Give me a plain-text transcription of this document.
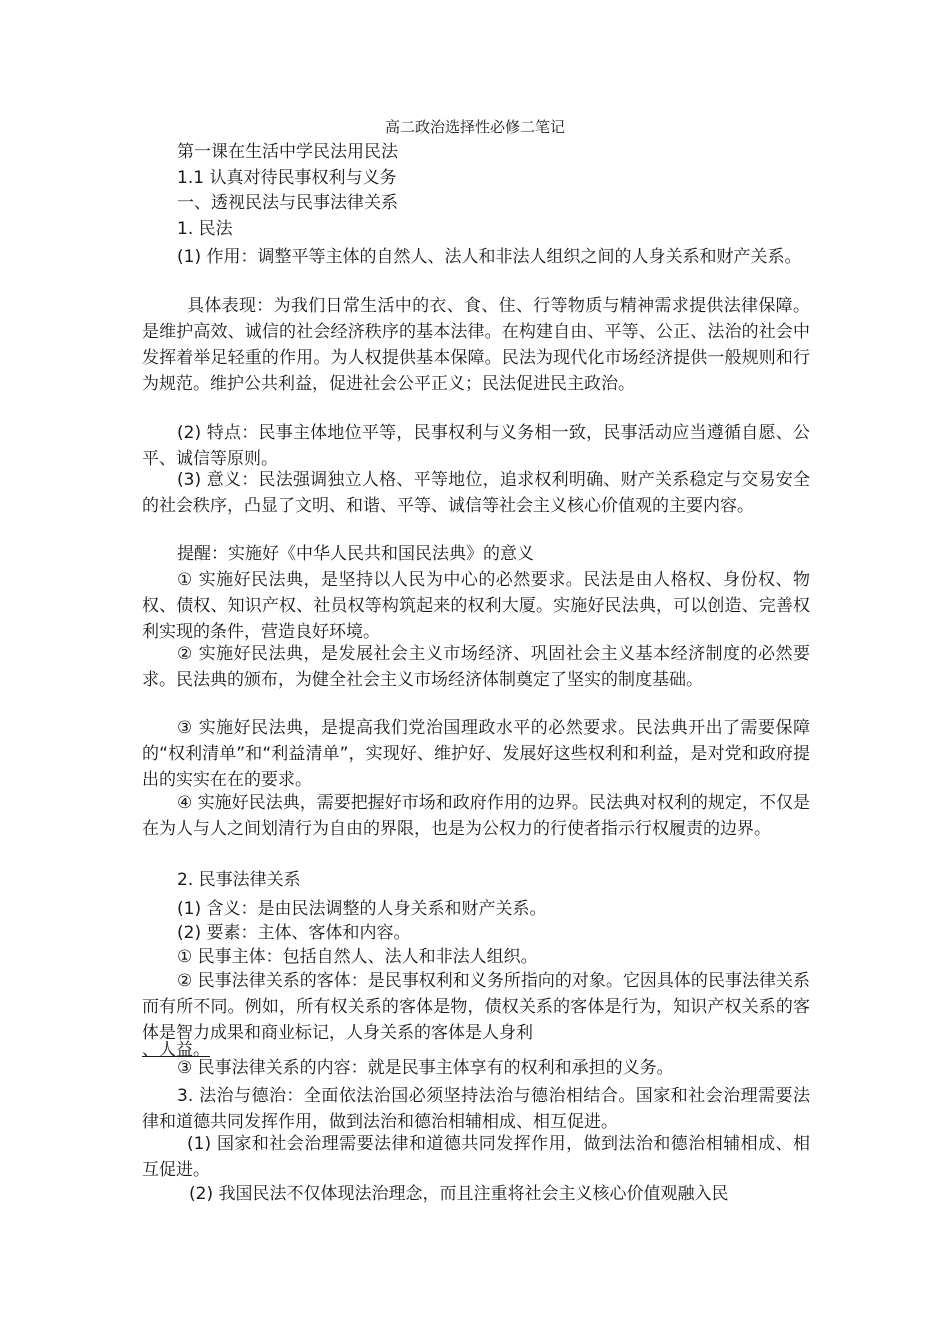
高二政治选择性必修二笔记

第一课在生活中学民法用民法

1.1 认真对待民事权利与义务

一、透视民法与民事法律关系

1. 民法

(1) 作用：调整平等主体的自然人、法人和非法人组织之间的人身关系和财产关系。

具体表现：为我们日常生活中的衣、食、住、行等物质与精神需求提供法律保障。是维护高效、诚信的社会经济秩序的基本法律。在构建自由、平等、公正、法治的社会中发挥着举足轻重的作用。为人权提供基本保障。民法为现代化市场经济提供一般规则和行为规范。维护公共利益，促进社会公平正义；民法促进民主政治。

(2) 特点：民事主体地位平等，民事权利与义务相一致，民事活动应当遵循自愿、公平、诚信等原则。

(3) 意义：民法强调独立人格、平等地位，追求权利明确、财产关系稳定与交易安全的社会秩序，凸显了文明、和谐、平等、诚信等社会主义核心价值观的主要内容。

提醒：实施好《中华人民共和国民法典》的意义

① 实施好民法典，是坚持以人民为中心的必然要求。民法是由人格权、身份权、物权、债权、知识产权、社员权等构筑起来的权利大厦。实施好民法典，可以创造、完善权利实现的条件，营造良好环境。

② 实施好民法典，是发展社会主义市场经济、巩固社会主义基本经济制度的必然要求。民法典的颁布，为健全社会主义市场经济体制奠定了坚实的制度基础。

③ 实施好民法典，是提高我们党治国理政水平的必然要求。民法典开出了需要保障的“权利清单”和“利益清单”，实现好、维护好、发展好这些权利和利益，是对党和政府提出的实实在在的要求。

④ 实施好民法典，需要把握好市场和政府作用的边界。民法典对权利的规定，不仅是在为人与人之间划清行为自由的界限，也是为公权力的行使者指示行权履责的边界。

2. 民事法律关系

(1) 含义：是由民法调整的人身关系和财产关系。

(2) 要素：主体、客体和内容。

① 民事主体：包括自然人、法人和非法人组织。

② 民事法律关系的客体：是民事权利和义务所指向的对象。它因具体的民事法律关系而有所不同。例如，所有权关系的客体是物，债权关系的客体是行为，知识产权关系的客体是智力成果和商业标记，人身关系的客体是人身利

、人益。

③ 民事法律关系的内容：就是民事主体享有的权利和承担的义务。

3. 法治与德治：全面依法治国必须坚持法治与德治相结合。国家和社会治理需要法律和道德共同发挥作用，做到法治和德治相辅相成、相互促进。

(1) 国家和社会治理需要法律和道德共同发挥作用，做到法治和德治相辅相成、相互促进。

(2) 我国民法不仅体现法治理念，而且注重将社会主义核心价值观融入民
